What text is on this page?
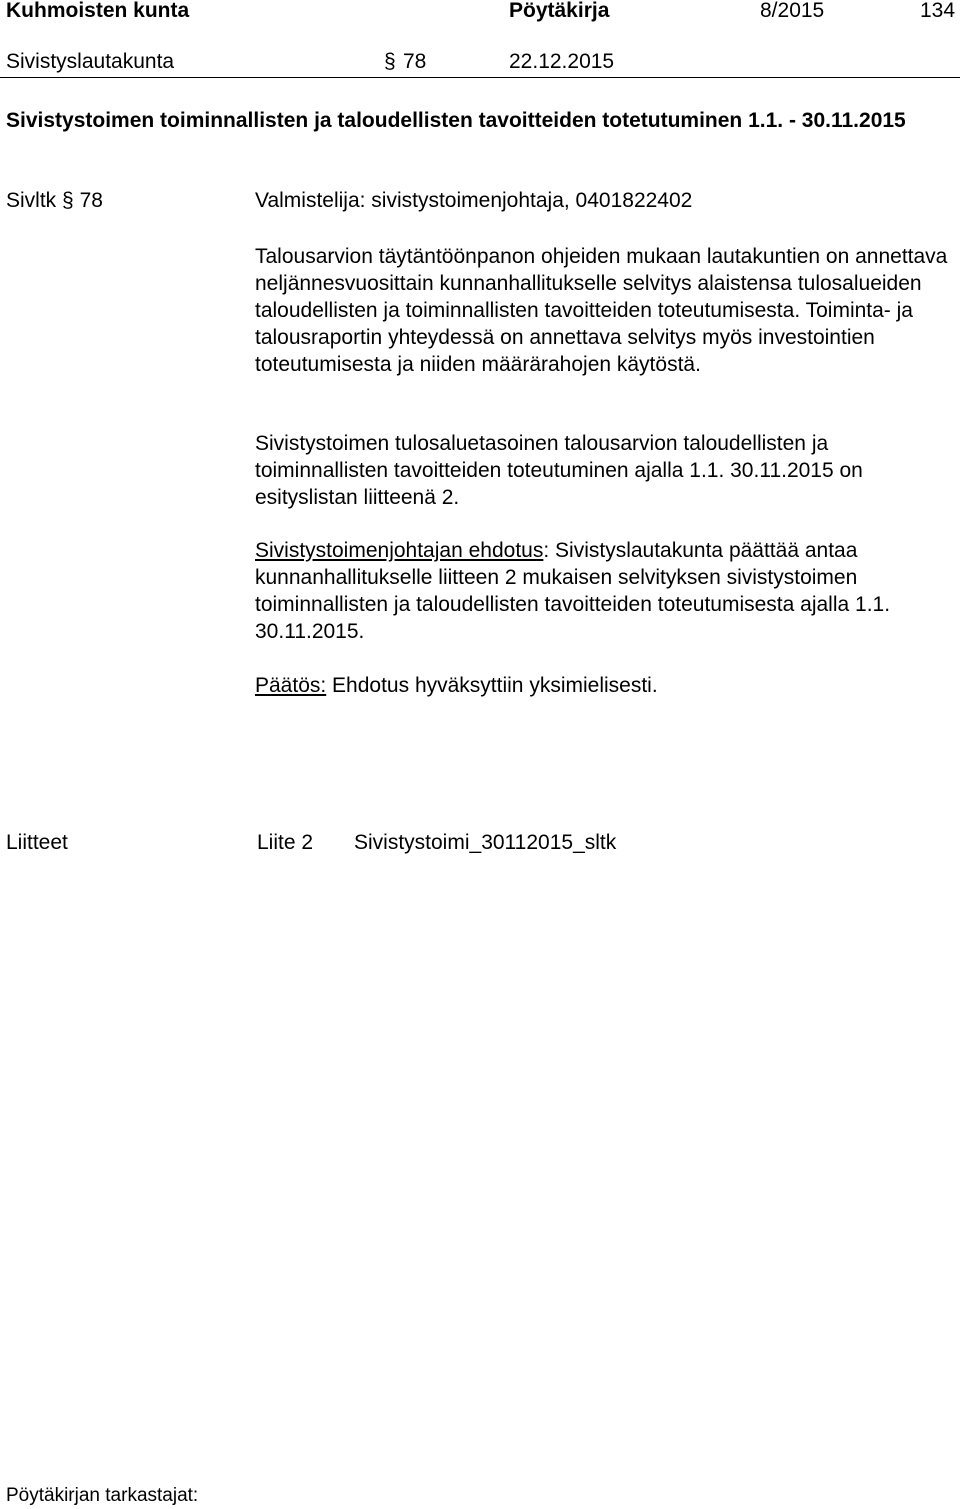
Kuhmoisten kunta	Pöytäkirja	8/2015	134
Sivistyslautakunta	§ 78	22.12.2015
Sivistystoimen toiminnallisten ja taloudellisten tavoitteiden totetutuminen 1.1. - 30.11.2015
Sivltk § 78	Valmistelija: sivistystoimenjohtaja, 0401822402
Talousarvion täytäntöönpanon ohjeiden mukaan lautakuntien on annettava neljännesvuosittain kunnanhallitukselle selvitys alaistensa tulosalueiden taloudellisten ja toiminnallisten tavoitteiden toteutumisesta. Toiminta- ja talousraportin yhteydessä on annettava selvitys myös investointien toteutumisesta ja niiden määrärahojen käytöstä.
Sivistystoimen tulosaluetasoinen talousarvion taloudellisten ja toiminnallisten tavoitteiden toteutuminen ajalla 1.1. 30.11.2015 on esityslistan liitteenä 2.
Sivistystoimenjohtajan ehdotus: Sivistyslautakunta päättää antaa kunnanhallitukselle liitteen 2 mukaisen selvityksen sivistystoimen toiminnallisten ja taloudellisten tavoitteiden toteutumisesta ajalla 1.1. 30.11.2015.
Päätös: Ehdotus hyväksyttiin yksimielisesti.
Liitteet	Liite 2 Sivistystoimi_30112015_sltk
Pöytäkirjan tarkastajat:
